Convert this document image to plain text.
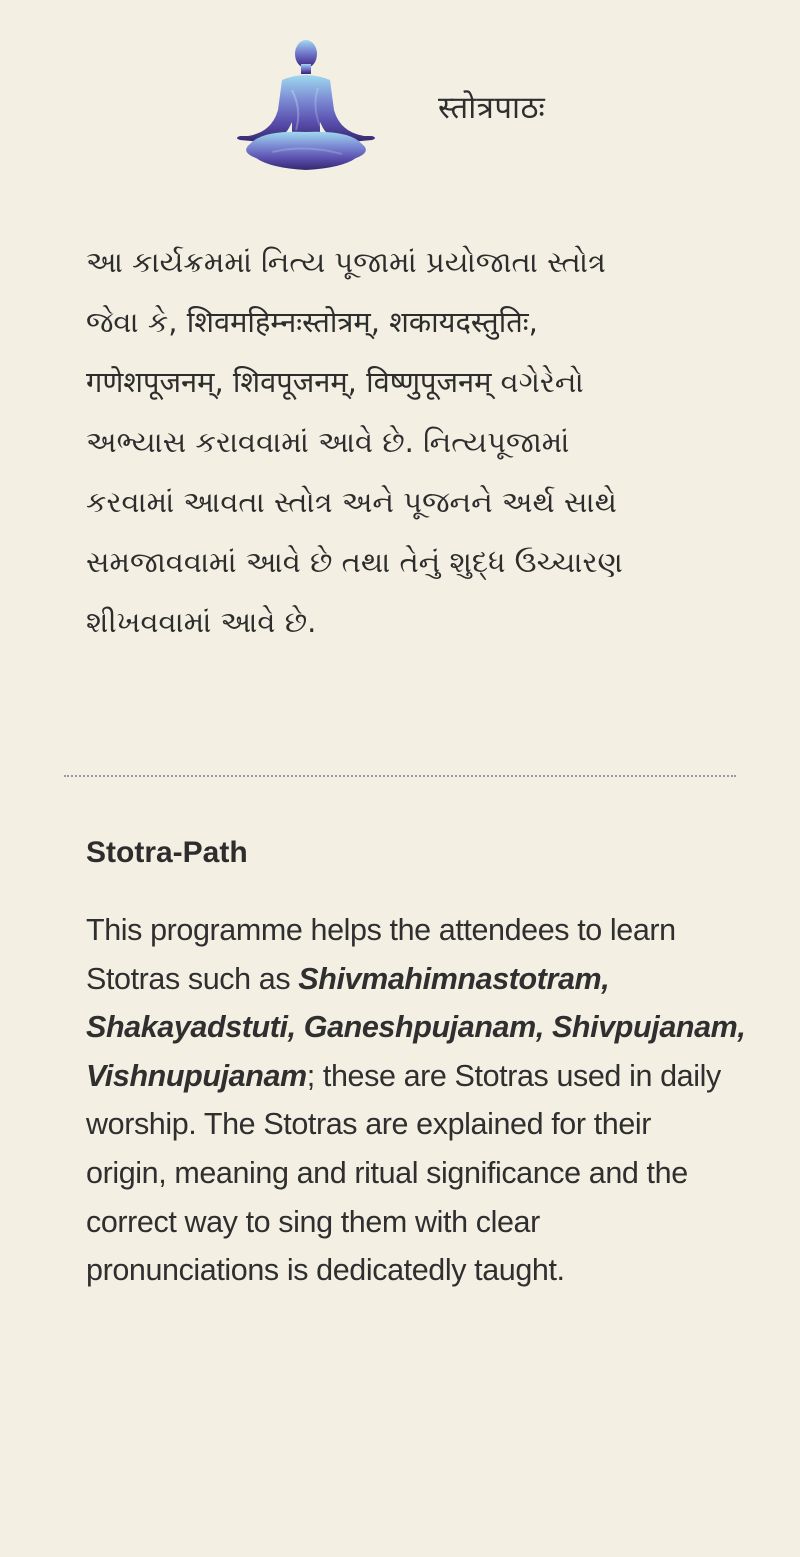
स्तोत्रपाठः
આ કાર્યક્રમમાં નિત્ય પૂજામાં પ્રયોજાતા સ્તોત્ર
જેવા કે, शिवमहिम्नःस्तोत्रम्, शकायदस्तुतिः,
गणेशपूजनम्, शिवपूजनम्, विष्णुपूजनम् વગેરેનો
અભ્યાસ કરાવવામાં આવે છે. નિત્યપૂજામાં
કરવામાં આવતા સ્તોત્ર અને પૂજનને અર્થ સાથે
સમજાવવામાં આવે છે તથા તેનું શુદ્ધ ઉચ્ચારણ
શીખવવામાં આવે છે.
Stotra-Path
This programme helps the attendees to learn
Stotras such as Shivmahimnastotram,
Shakayadstuti, Ganeshpujanam, Shivpujanam,
Vishnupujanam; these are Stotras used in daily
worship. The Stotras are explained for their
origin, meaning and ritual significance and the
correct way to sing them with clear
pronunciations is dedicatedly taught.
